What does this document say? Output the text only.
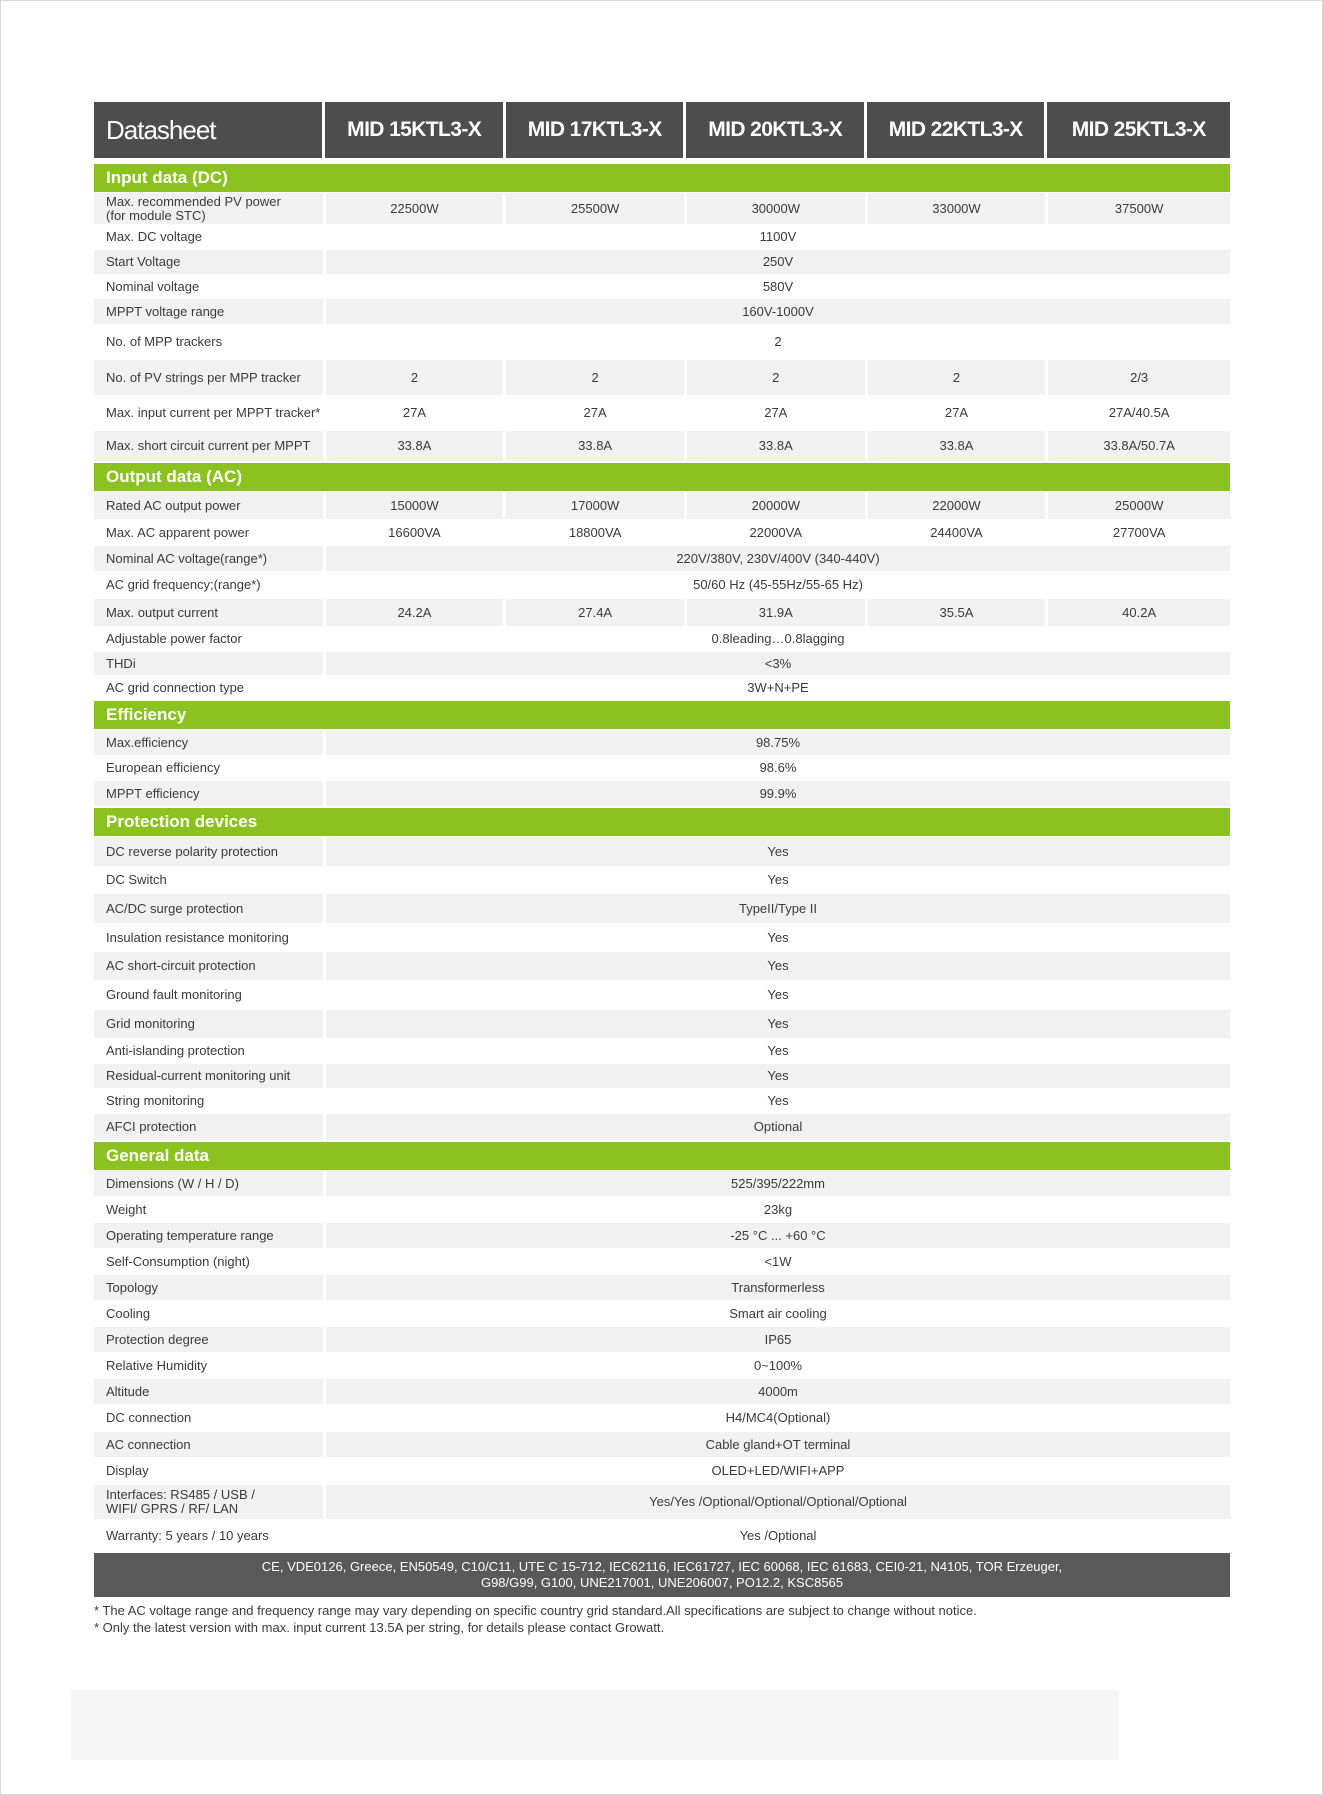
Datasheet	MID 15KTL3-X	MID 17KTL3-X	MID 20KTL3-X	MID 22KTL3-X	MID 25KTL3-X
Input data (DC)
Max. recommended PV power
(for module STC)	22500W	25500W	30000W	33000W	37500W
Max. DC voltage	1100V
Start Voltage	250V
Nominal voltage	580V
MPPT voltage range	160V-1000V
No. of MPP trackers	2
No. of PV strings per MPP tracker	2	2	2	2	2/3
Max. input current per MPPT tracker*	27A	27A	27A	27A	27A/40.5A
Max. short circuit current per MPPT	33.8A	33.8A	33.8A	33.8A	33.8A/50.7A
Output data (AC)
Rated AC output power	15000W	17000W	20000W	22000W	25000W
Max. AC apparent power	16600VA	18800VA	22000VA	24400VA	27700VA
Nominal AC voltage(range*)	220V/380V, 230V/400V (340-440V)
AC grid frequency;(range*)	50/60 Hz (45-55Hz/55-65 Hz)
Max. output current	24.2A	27.4A	31.9A	35.5A	40.2A
Adjustable power factor	0.8leading…0.8lagging
THDi	<3%
AC grid connection type	3W+N+PE
Efficiency
Max.efficiency	98.75%
European efficiency	98.6%
MPPT efficiency	99.9%
Protection devices
DC reverse polarity protection	Yes
DC Switch	Yes
AC/DC surge protection	TypeII/Type II
Insulation resistance monitoring	Yes
AC short-circuit protection	Yes
Ground fault monitoring	Yes
Grid monitoring	Yes
Anti-islanding protection	Yes
Residual-current monitoring unit	Yes
String monitoring	Yes
AFCI protection	Optional
General data
Dimensions (W / H / D)	525/395/222mm
Weight	23kg
Operating temperature range	-25 °C ... +60 °C
Self-Consumption (night)	<1W
Topology	Transformerless
Cooling	Smart air cooling
Protection degree	IP65
Relative Humidity	0~100%
Altitude	4000m
DC connection	H4/MC4(Optional)
AC connection	Cable gland+OT terminal
Display	OLED+LED/WIFI+APP
Interfaces: RS485 / USB /
WIFI/ GPRS / RF/ LAN	Yes/Yes /Optional/Optional/Optional/Optional
Warranty: 5 years / 10 years	Yes /Optional
CE, VDE0126, Greece, EN50549, C10/C11, UTE C 15-712, IEC62116, IEC61727, IEC 60068, IEC 61683, CEI0-21, N4105, TOR Erzeuger,
G98/G99, G100, UNE217001, UNE206007, PO12.2, KSC8565
* The AC voltage range and frequency range may vary depending on specific country grid standard.All specifications are subject to change without notice.
* Only the latest version with max. input current 13.5A per string, for details please contact Growatt.
